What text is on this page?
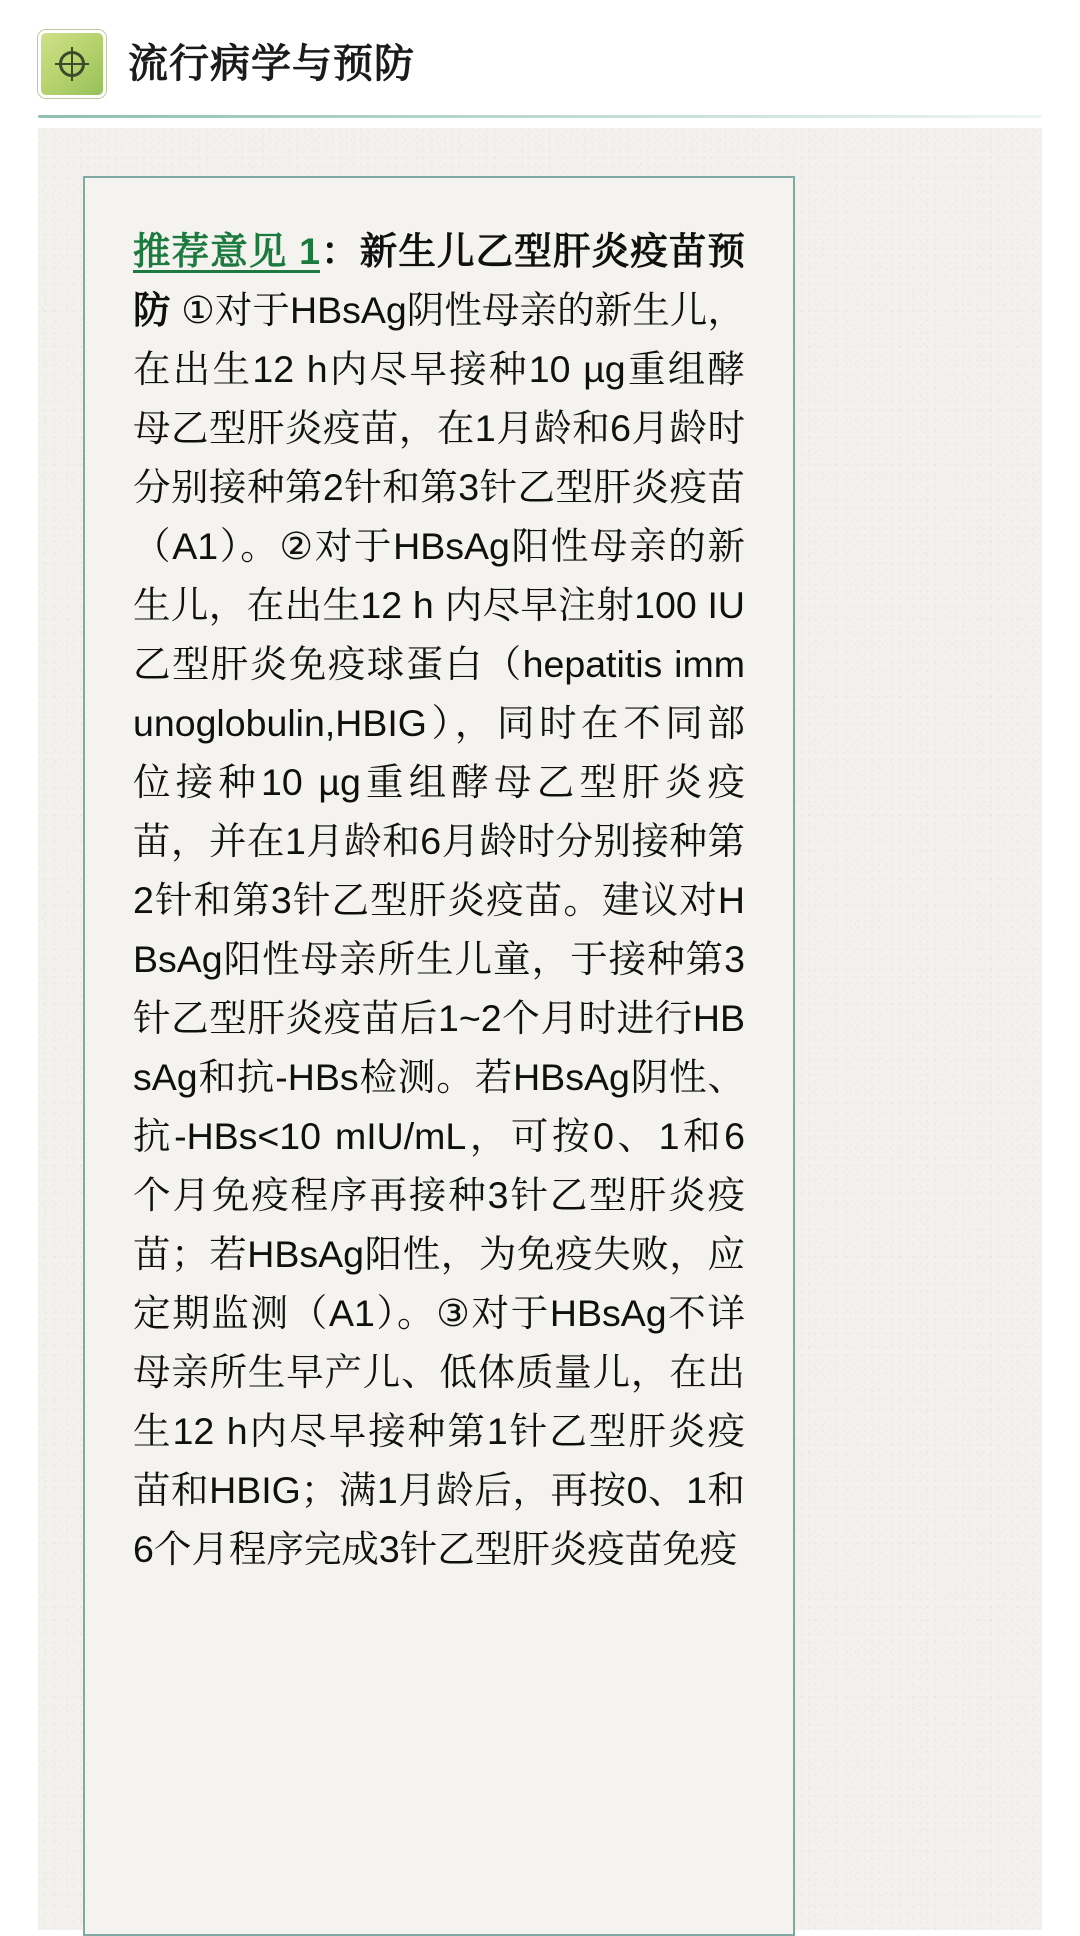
流行病学与预防

推荐意见 1：新生儿乙型肝炎疫苗预防 ①对于HBsAg阴性母亲的新生儿，在出生12 h内尽早接种10 µg重组酵母乙型肝炎疫苗，在1月龄和6月龄时分别接种第2针和第3针乙型肝炎疫苗（A1）。②对于HBsAg阳性母亲的新生儿，在出生12 h 内尽早注射100 IU乙型肝炎免疫球蛋白（hepatitis immunoglobulin,HBIG），同时在不同部位接种10 µg重组酵母乙型肝炎疫苗，并在1月龄和6月龄时分别接种第2针和第3针乙型肝炎疫苗。建议对HBsAg阳性母亲所生儿童，于接种第3针乙型肝炎疫苗后1~2个月时进行HBsAg和抗-HBs检测。若HBsAg阴性、抗-HBs<10 mIU/mL，可按0、1和6个月免疫程序再接种3针乙型肝炎疫苗；若HBsAg阳性，为免疫失败，应定期监测（A1）。③对于HBsAg不详母亲所生早产儿、低体质量儿，在出生12 h内尽早接种第1针乙型肝炎疫苗和HBIG；满1月龄后，再按0、1和6个月程序完成3针乙型肝炎疫苗免疫
